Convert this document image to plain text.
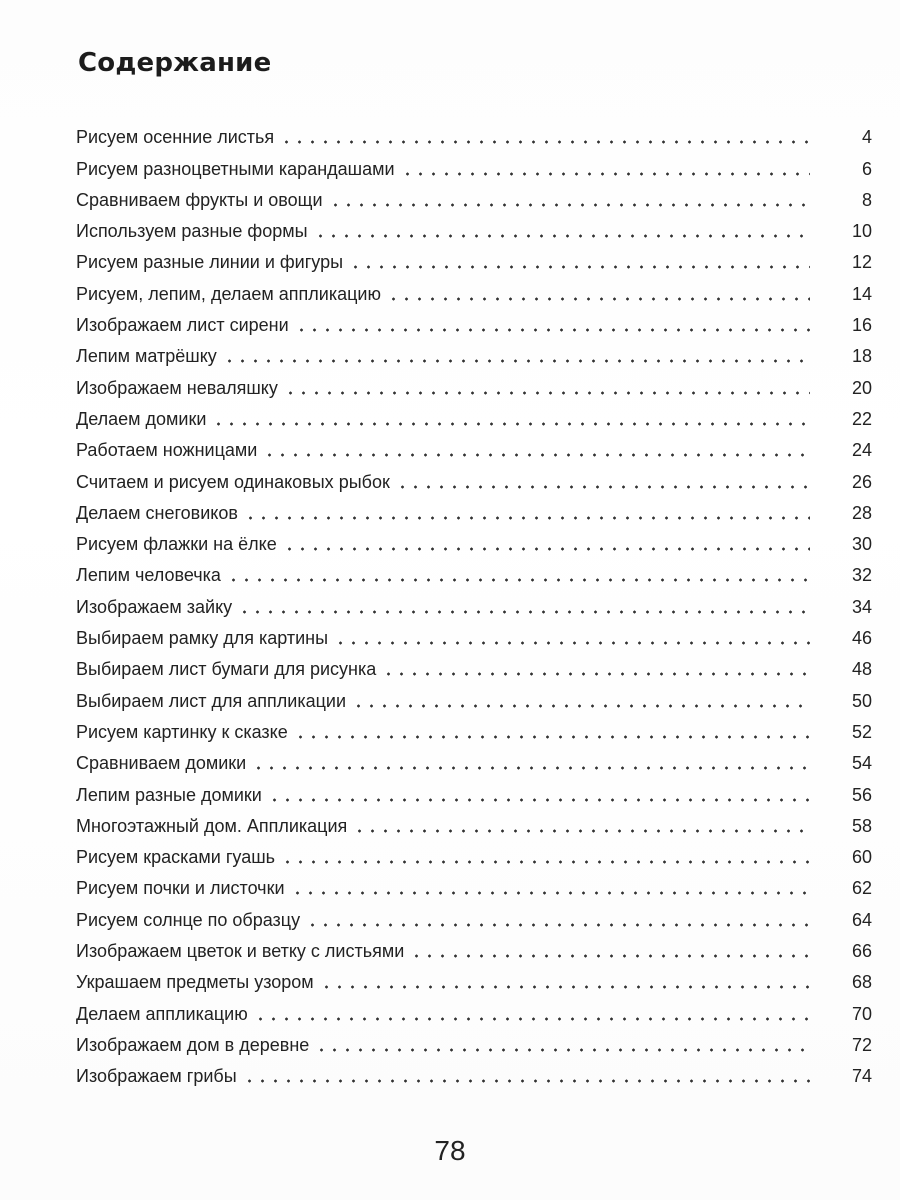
Содержание
Рисуем осенние листья	4
Рисуем разноцветными карандашами	6
Сравниваем фрукты и овощи	8
Используем разные формы	10
Рисуем разные линии и фигуры	12
Рисуем, лепим, делаем аппликацию	14
Изображаем лист сирени	16
Лепим матрёшку	18
Изображаем неваляшку	20
Делаем домики	22
Работаем ножницами	24
Считаем и рисуем одинаковых рыбок	26
Делаем снеговиков	28
Рисуем флажки на ёлке	30
Лепим человечка	32
Изображаем зайку	34
Выбираем рамку для картины	46
Выбираем лист бумаги для рисунка	48
Выбираем лист для аппликации	50
Рисуем картинку к сказке	52
Сравниваем домики	54
Лепим разные домики	56
Многоэтажный дом. Аппликация	58
Рисуем красками гуашь	60
Рисуем почки и листочки	62
Рисуем солнце по образцу	64
Изображаем цветок и ветку с листьями	66
Украшаем предметы узором	68
Делаем аппликацию	70
Изображаем дом в деревне	72
Изображаем грибы	74
78
